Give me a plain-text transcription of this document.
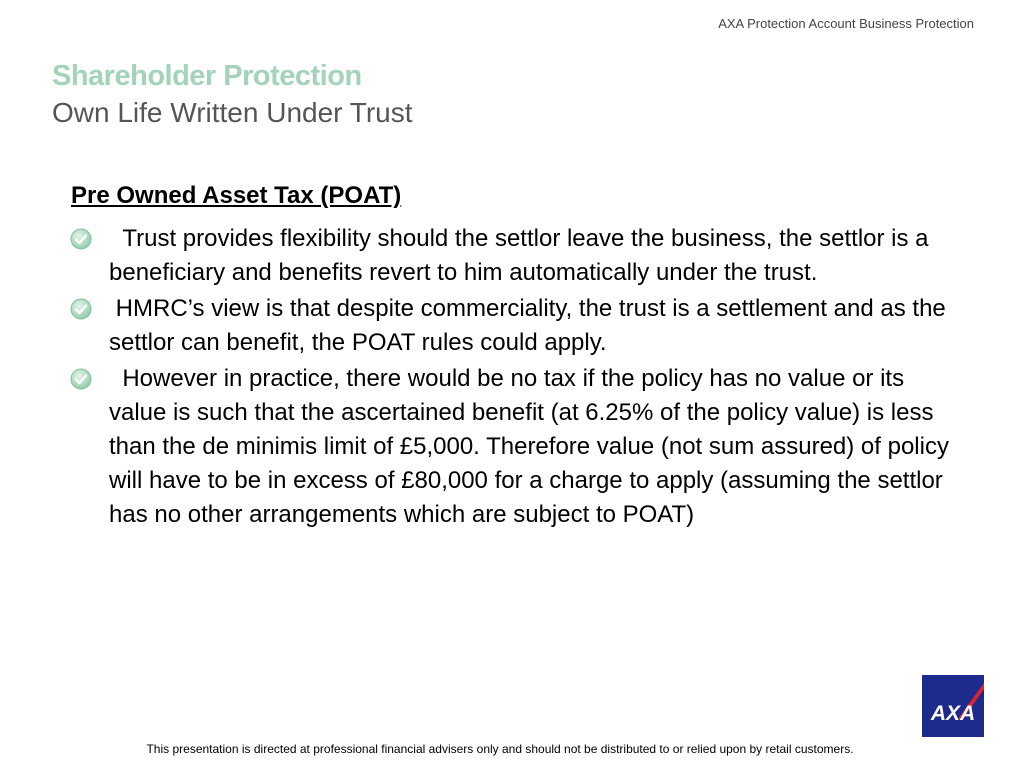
AXA Protection Account Business Protection
Shareholder Protection
Own Life Written Under Trust
Pre Owned Asset Tax (POAT)
Trust provides flexibility should the settlor leave the business, the settlor is a beneficiary and benefits revert to him automatically under the trust.
HMRC’s view is that despite commerciality, the trust is a settlement and as the settlor can benefit, the POAT rules could apply.
However in practice, there would be no tax if the policy has no value or its value is such that the ascertained benefit (at 6.25% of the policy value) is less than the de minimis limit of £5,000. Therefore value (not sum assured) of policy will have to be in excess of £80,000 for a charge to apply (assuming the settlor has no other arrangements which are subject to POAT)
AXA
This presentation is directed at professional financial advisers only and should not be distributed to or relied upon by retail customers.
